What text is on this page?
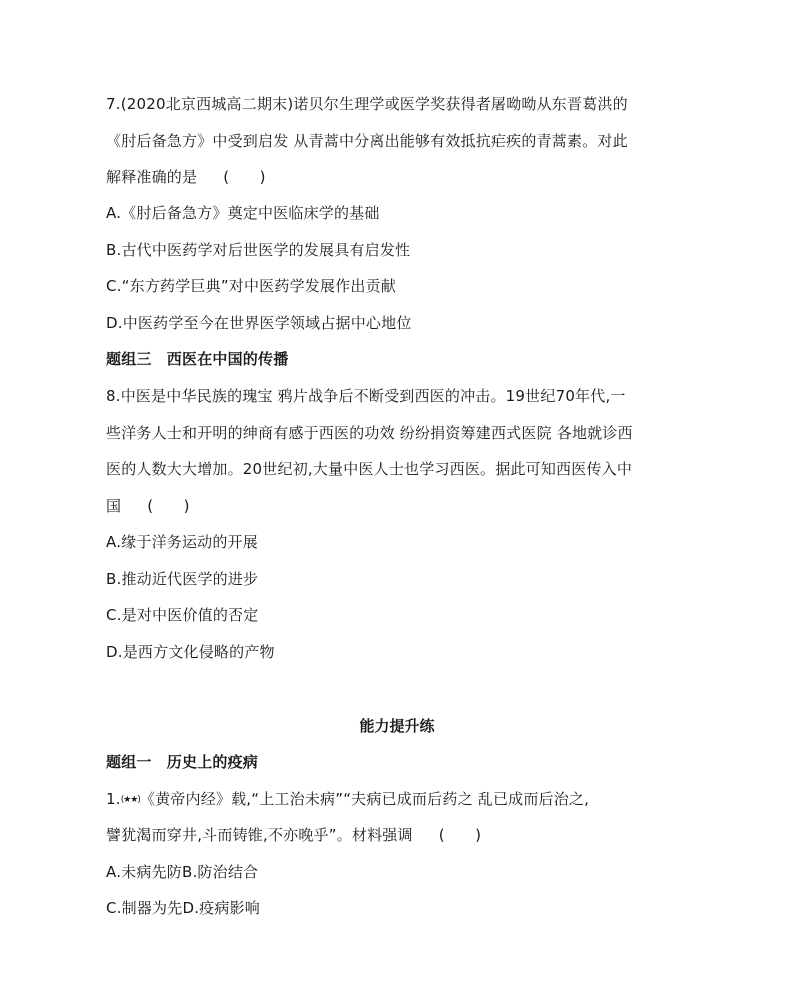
7.(2020北京西城高二期末)诺贝尔生理学或医学奖获得者屠呦呦从东晋葛洪的
《肘后备急方》中受到启发 从青蒿中分离出能够有效抵抗疟疾的青蒿素。对此
解释准确的是 (　　)
A.《肘后备急方》奠定中医临床学的基础
B.古代中医药学对后世医学的发展具有启发性
C.“东方药学巨典”对中医药学发展作出贡献
D.中医药学至今在世界医学领域占据中心地位
题组三　西医在中国的传播
8.中医是中华民族的瑰宝 鸦片战争后不断受到西医的冲击。19世纪70年代,一
些洋务人士和开明的绅商有感于西医的功效 纷纷捐资筹建西式医院 各地就诊西
医的人数大大增加。20世纪初,大量中医人士也学习西医。据此可知西医传入中
国 (　　)
A.缘于洋务运动的开展
B.推动近代医学的进步
C.是对中医价值的否定
D.是西方文化侵略的产物
能力提升练
题组一　历史上的疫病
1.(★★)《黄帝内经》载,“上工治未病”“夫病已成而后药之 乱已成而后治之,
譬犹渴而穿井,斗而铸锥,不亦晚乎”。材料强调 (　　)
A.未病先防B.防治结合
C.制器为先D.疫病影响
